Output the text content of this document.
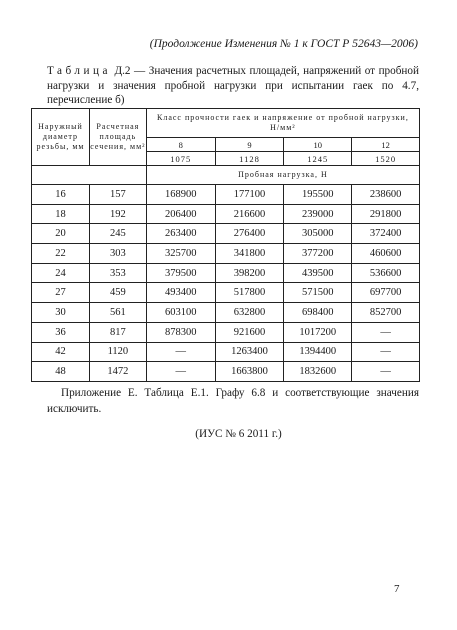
(Продолжение Изменения № 1 к ГОСТ Р 52643—2006)
Таблица Д.2 — Значения расчетных площадей, напряжений от пробной нагрузки и значения пробной нагрузки при испытании гаек по 4.7, перечисление б)
Наружный диаметр резьбы, мм	Расчетная площадь сечения, мм²	Класс прочности гаек и напряжение от пробной нагрузки, Н/мм²			
		8	9	10	12
		1075	1128	1245	1520
		Пробная нагрузка, Н			
16	157	168900	177100	195500	238600
18	192	206400	216600	239000	291800
20	245	263400	276400	305000	372400
22	303	325700	341800	377200	460600
24	353	379500	398200	439500	536600
27	459	493400	517800	571500	697700
30	561	603100	632800	698400	852700
36	817	878300	921600	1017200	—
42	1120	—	1263400	1394400	—
48	1472	—	1663800	1832600	—
Приложение Е. Таблица Е.1. Графу 6.8 и соответствующие значения исключить.
(ИУС № 6 2011 г.)
7
